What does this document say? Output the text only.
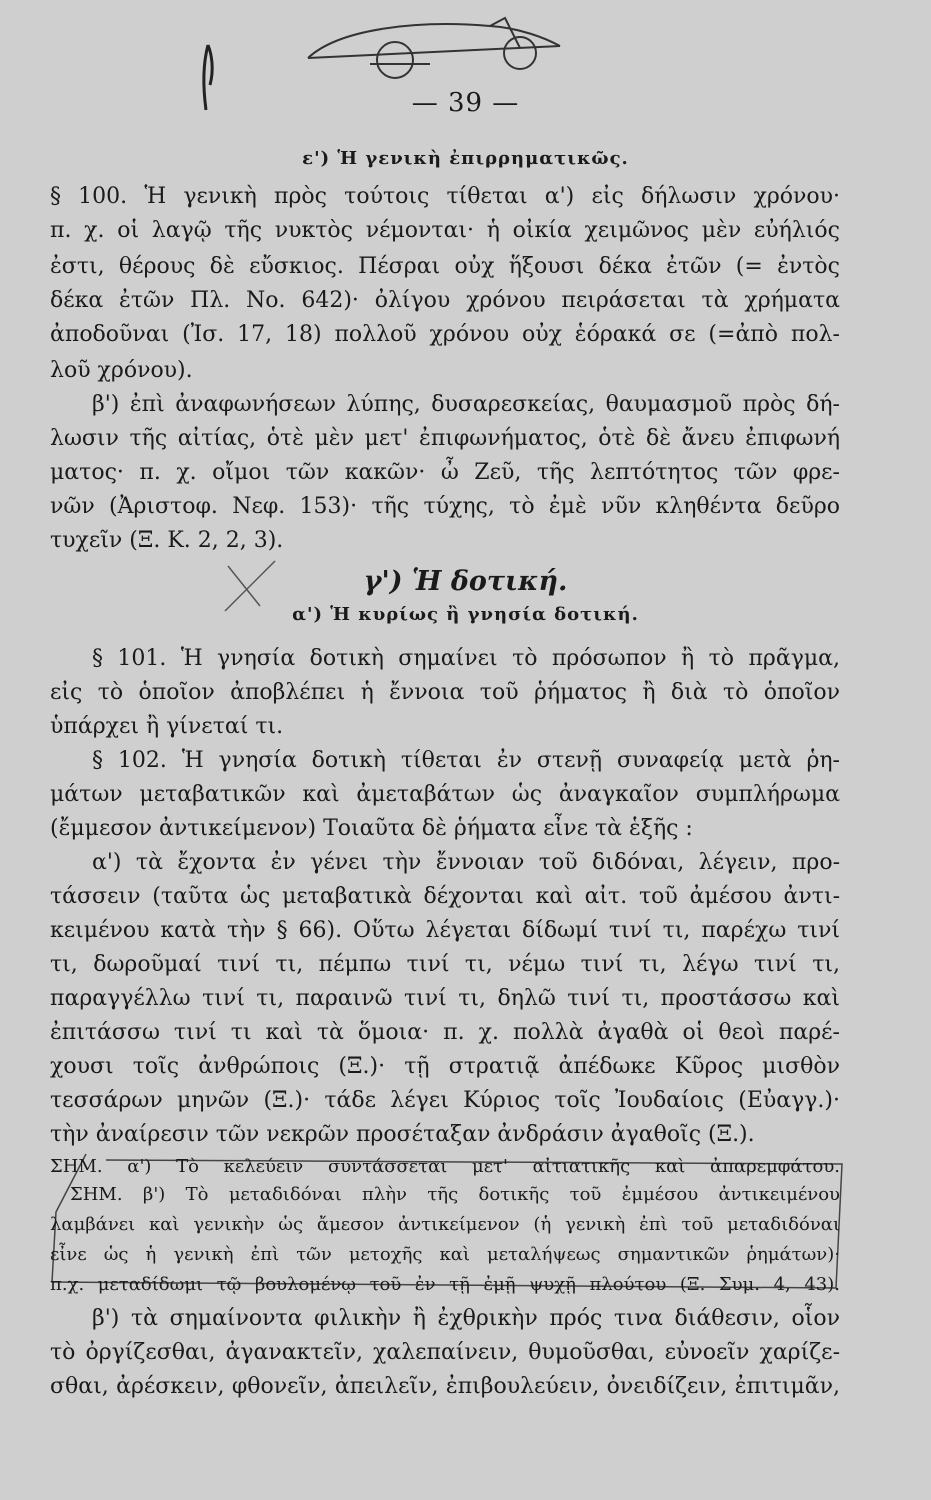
— 39 —
ε') Ἡ γενικὴ ἐπιρρηματικῶς.
§ 100. Ἡ γενικὴ πρὸς τούτοις τίθεται α') εἰς δήλωσιν χρόνου·
π. χ. οἱ λαγῷ τῆς νυκτὸς νέμονται· ἡ οἰκία χειμῶνος μὲν εὐήλιός
ἐστι, θέρους δὲ εὔσκιος. Πέσραι οὐχ ἥξουσι δέκα ἐτῶν (= ἐντὸς
δέκα ἐτῶν Πλ. Νο. 642)· ὀλίγου χρόνου πειράσεται τὰ χρήματα
ἀποδοῦναι (Ἰσ. 17, 18) πολλοῦ χρόνου οὐχ ἑόρακά σε (=ἀπὸ πολ-
λοῦ χρόνου).
β') ἐπὶ ἀναφωνήσεων λύπης, δυσαρεσκείας, θαυμασμοῦ πρὸς δή-
λωσιν τῆς αἰτίας, ὁτὲ μὲν μετ' ἐπιφωνήματος, ὁτὲ δὲ ἄνευ ἐπιφωνή
ματος· π. χ. οἴμοι τῶν κακῶν· ὦ Ζεῦ, τῆς λεπτότητος τῶν φρε-
νῶν (Ἀριστοφ. Νεφ. 153)· τῆς τύχης, τὸ ἐμὲ νῦν κληθέντα δεῦρο
τυχεῖν (Ξ. Κ. 2, 2, 3).
γ') Ἡ δοτική.
α') Ἡ κυρίως ἢ γνησία δοτική.
§ 101. Ἡ γνησία δοτικὴ σημαίνει τὸ πρόσωπον ἢ τὸ πρᾶγμα,
εἰς τὸ ὁποῖον ἀποβλέπει ἡ ἔννοια τοῦ ῥήματος ἢ διὰ τὸ ὁποῖον
ὑπάρχει ἢ γίνεταί τι.
§ 102. Ἡ γνησία δοτικὴ τίθεται ἐν στενῇ συναφείᾳ μετὰ ῥη-
μάτων μεταβατικῶν καὶ ἀμεταβάτων ὡς ἀναγκαῖον συμπλήρωμα
(ἔμμεσον ἀντικείμενον) Τοιαῦτα δὲ ῥήματα εἶνε τὰ ἑξῆς :
α') τὰ ἔχοντα ἐν γένει τὴν ἔννοιαν τοῦ διδόναι, λέγειν, προ-
τάσσειν (ταῦτα ὡς μεταβατικὰ δέχονται καὶ αἰτ. τοῦ ἀμέσου ἀντι-
κειμένου κατὰ τὴν § 66). Οὕτω λέγεται δίδωμί τινί τι, παρέχω τινί
τι, δωροῦμαί τινί τι, πέμπω τινί τι, νέμω τινί τι, λέγω τινί τι,
παραγγέλλω τινί τι, παραινῶ τινί τι, δηλῶ τινί τι, προστάσσω καὶ
ἐπιτάσσω τινί τι καὶ τὰ ὅμοια· π. χ. πολλὰ ἀγαθὰ οἱ θεοὶ παρέ-
χουσι τοῖς ἀνθρώποις (Ξ.)· τῇ στρατιᾷ ἀπέδωκε Κῦρος μισθὸν
τεσσάρων μηνῶν (Ξ.)· τάδε λέγει Κύριος τοῖς Ἰουδαίοις (Εὐαγγ.)·
τὴν ἀναίρεσιν τῶν νεκρῶν προσέταξαν ἀνδράσιν ἀγαθοῖς (Ξ.).
ΣΗΜ. α') Τὸ κελεύειν συντάσσεται μετ' αἰτιατικῆς καὶ ἀπαρεμφάτου.
ΣΗΜ. β') Τὸ μεταδιδόναι πλὴν τῆς δοτικῆς τοῦ ἐμμέσου ἀντικειμένου
λαμβάνει καὶ γενικὴν ὡς ἄμεσον ἀντικείμενον (ἡ γενικὴ ἐπὶ τοῦ μεταδιδόναι
εἶνε ὡς ἡ γενικὴ ἐπὶ τῶν μετοχῆς καὶ μεταλήψεως σημαντικῶν ῥημάτων)·
π.χ. μεταδίδωμι τῷ βουλομένῳ τοῦ ἐν τῇ ἐμῇ ψυχῇ πλούτου (Ξ. Συμ. 4, 43).
β') τὰ σημαίνοντα φιλικὴν ἢ ἐχθρικὴν πρός τινα διάθεσιν, οἷον
τὸ ὀργίζεσθαι, ἀγανακτεῖν, χαλεπαίνειν, θυμοῦσθαι, εὐνοεῖν χαρίζε-
σθαι, ἀρέσκειν, φθονεῖν, ἀπειλεῖν, ἐπιβουλεύειν, ὀνειδίζειν, ἐπιτιμᾶν,
